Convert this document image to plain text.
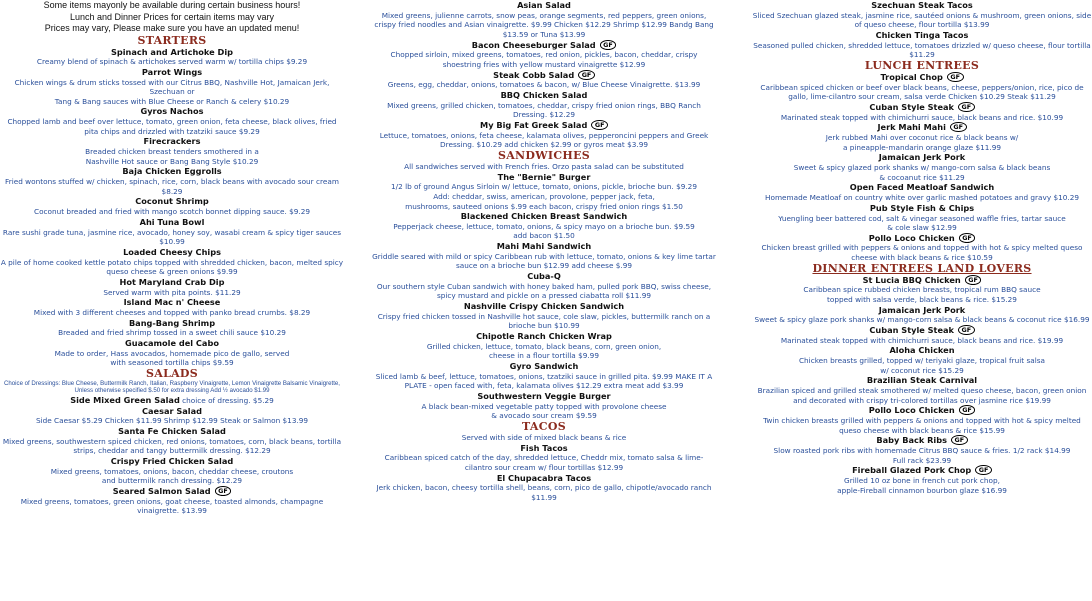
Some items mayonly be available during certain business hours!
Lunch and Dinner Prices for certain items may vary
Prices may vary, Please make sure you have an updated menu!
STARTERS
Spinach and Artichoke Dip
Creamy blend of spinach & artichokes served warm w/ tortilla chips $9.29
Parrot Wings
Chicken wings & drum sticks tossed with our Citrus BBQ, Nashville Hot, Jamaican Jerk, Szechuan or
Tang & Bang sauces with Blue Cheese or Ranch & celery $10.29
Gyros Nachos
Chopped lamb and beef over lettuce, tomato, green onion, feta cheese, black olives, fried pita chips and drizzled with tzatziki sauce $9.29
Firecrackers
Breaded chicken breast tenders smothered in a
Nashville Hot sauce or Bang Bang Style $10.29
Baja Chicken Eggrolls
Fried wontons stuffed w/ chicken, spinach, rice, corn, black beans with avocado sour cream $8.29
Coconut Shrimp
Coconut breaded and fried with mango scotch bonnet dipping sauce. $9.29
Ahi Tuna Bowl
Rare sushi grade tuna, jasmine rice, avocado, honey soy, wasabi cream & spicy tiger sauces $10.99
Loaded Cheesy Chips
A pile of home cooked kettle potato chips topped with shredded chicken, bacon, melted spicy queso cheese & green onions $9.99
Hot Maryland Crab Dip
Served warm with pita points. $11.29
Island Mac n' Cheese
Mixed with 3 different cheeses and topped with panko bread crumbs. $8.29
Bang-Bang Shrimp
Breaded and fried shrimp tossed in a sweet chili sauce $10.29
Guacamole del Cabo
Made to order, Hass avocados, homemade pico de gallo, served
with seasoned tortilla chips $9.59
SALADS
Choice of Dressings: Blue Cheese, Buttermilk Ranch, Italian, Raspberry Vinaigrette, Lemon Vinaigrette Balsamic Vinaigrette, Unless otherwise specified $.50 for extra dressing Add ½ avocado $1.99
Side Mixed Green Salad choice of dressing. $5.29
Caesar Salad
Side Caesar $5.29 Chicken $11.99 Shrimp $12.99 Steak or Salmon $13.99
Santa Fe Chicken Salad
Mixed greens, southwestern spiced chicken, red onions, tomatoes, corn, black beans, tortilla strips, cheddar and tangy buttermilk dressing. $12.29
Crispy Fried Chicken Salad
Mixed greens, tomatoes, onions, bacon, cheddar cheese, croutons
and buttermilk ranch dressing. $12.29
Seared Salmon Salad GF
Mixed greens, tomatoes, green onions, goat cheese, toasted almonds, champagne vinaigrette. $13.99
Asian Salad
Mixed greens, julienne carrots, snow peas, orange segments, red peppers, green onions, crispy fried noodles and Asian vinaigrette. $9.99 Chicken $12.29 Shrimp $12.99 Bandg Bang $13.59 or Tuna $13.99
Bacon Cheeseburger Salad GF
Chopped sirloin, mixed greens, tomatoes, red onion, pickles, bacon, cheddar, crispy shoestring fries with yellow mustard vinaigrette $12.99
Steak Cobb Salad GF
Greens, egg, cheddar, onions, tomatoes & bacon, w/ Blue Cheese Vinaigrette. $13.99
BBQ Chicken Salad
Mixed greens, grilled chicken, tomatoes, cheddar, crispy fried onion rings, BBQ Ranch Dressing. $12.29
My Big Fat Greek Salad GF
Lettuce, tomatoes, onions, feta cheese, kalamata olives, pepperoncini peppers and Greek Dressing. $10.29 add chicken $2.99 or gyros meat $3.99
SANDWICHES
All sandwiches served with French fries. Orzo pasta salad can be substituted
The "Bernie" Burger
1/2 lb of ground Angus Sirloin w/ lettuce, tomato, onions, pickle, brioche bun. $9.29
Add: cheddar, swiss, american, provolone, pepper jack, feta,
mushrooms, sauteed onions $.99 each bacon, crispy fried onion rings $1.50
Blackened Chicken Breast Sandwich
Pepperjack cheese, lettuce, tomato, onions, & spicy mayo on a brioche bun. $9.59
add bacon $1.50
Mahi Mahi Sandwich
Griddle seared with mild or spicy Caribbean rub with lettuce, tomato, onions & key lime tartar sauce on a brioche bun $12.99 add cheese $.99
Cuba-Q
Our southern style Cuban sandwich with honey baked ham, pulled pork BBQ, swiss cheese, spicy mustard and pickle on a pressed ciabatta roll $11.99
Nashville Crispy Chicken Sandwich
Crispy fried chicken tossed in Nashville hot sauce, cole slaw, pickles, buttermilk ranch on a brioche bun $10.99
Chipotle Ranch Chicken Wrap
Grilled chicken, lettuce, tomato, black beans, corn, green onion,
cheese in a flour tortilla $9.99
Gyro Sandwich
Sliced lamb & beef, lettuce, tomatoes, onions, tzatziki sauce in grilled pita. $9.99 MAKE IT A PLATE - open faced with, feta, kalamata olives $12.29 extra meat add $3.99
Southwestern Veggie Burger
A black bean-mixed vegetable patty topped with provolone cheese
& avocado sour cream $9.59
TACOS
Served with side of mixed black beans & rice
Fish Tacos
Caribbean spiced catch of the day, shredded lettuce, Cheddr mix, tomato salsa & lime-cilantro sour cream w/ flour tortillas $12.99
El Chupacabra Tacos
Jerk chicken, bacon, cheesy tortilla shell, beans, corn, pico de gallo, chipotle/avocado ranch $11.99
Szechuan Steak Tacos
Sliced Szechuan glazed steak, jasmine rice, sautéed onions & mushroom, green onions, side of queso cheese, flour tortilla $13.99
Chicken Tinga Tacos
Seasoned pulled chicken, shredded lettuce, tomatoes drizzled w/ queso cheese, flour tortilla $11.29
LUNCH ENTREES
Tropical Chop GF
Caribbean spiced chicken or beef over black beans, cheese, peppers/onion, rice, pico de gallo, lime-cilantro sour cream, salsa verde Chicken $10.29 Steak $11.29
Cuban Style Steak GF
Marinated steak topped with chimichurri sauce, black beans and rice. $10.99
Jerk Mahi Mahi GF
Jerk rubbed Mahi over coconut rice & black beans w/
a pineapple-mandarin orange glaze $11.99
Jamaican Jerk Pork
Sweet & spicy glazed pork shanks w/ mango-corn salsa & black beans
& cocoanut rice $11.29
Open Faced Meatloaf Sandwich
Homemade Meatloaf on country white over garlic mashed potatoes and gravy $10.29
Pub Style Fish & Chips
Yuengling beer battered cod, salt & vinegar seasoned waffle fries, tartar sauce
& cole slaw $12.99
Pollo Loco Chicken GF
Chicken breast grilled with peppers & onions and topped with hot & spicy melted queso cheese with black beans & rice $10.59
DINNER ENTREES LAND LOVERS
St Lucia BBQ Chicken GF
Caribbean spice rubbed chicken breasts, tropical rum BBQ sauce
topped with salsa verde, black beans & rice. $15.29
Jamaican Jerk Pork
Sweet & spicy glaze pork shanks w/ mango-corn salsa & black beans & coconut rice $16.99
Cuban Style Steak GF
Marinated steak topped with chimichurri sauce, black beans and rice. $19.99
Aloha Chicken
Chicken breasts grilled, topped w/ teriyaki glaze, tropical fruit salsa
w/ coconut rice $15.29
Brazilian Steak Carnival
Brazilian spiced and grilled steak smothered w/ melted queso cheese, bacon, green onion and decorated with crispy tri-colored tortillas over jasmine rice $19.99
Pollo Loco Chicken GF
Twin chicken breasts grilled with peppers & onions and topped with hot & spicy melted queso cheese with black beans & rice $15.99
Baby Back Ribs GF
Slow roasted pork ribs with homemade Citrus BBQ sauce & fries. 1/2 rack $14.99
Full rack $23.99
Fireball Glazed Pork Chop GF
Grilled 10 oz bone in french cut pork chop,
apple-Fireball cinnamon bourbon glaze $16.99
